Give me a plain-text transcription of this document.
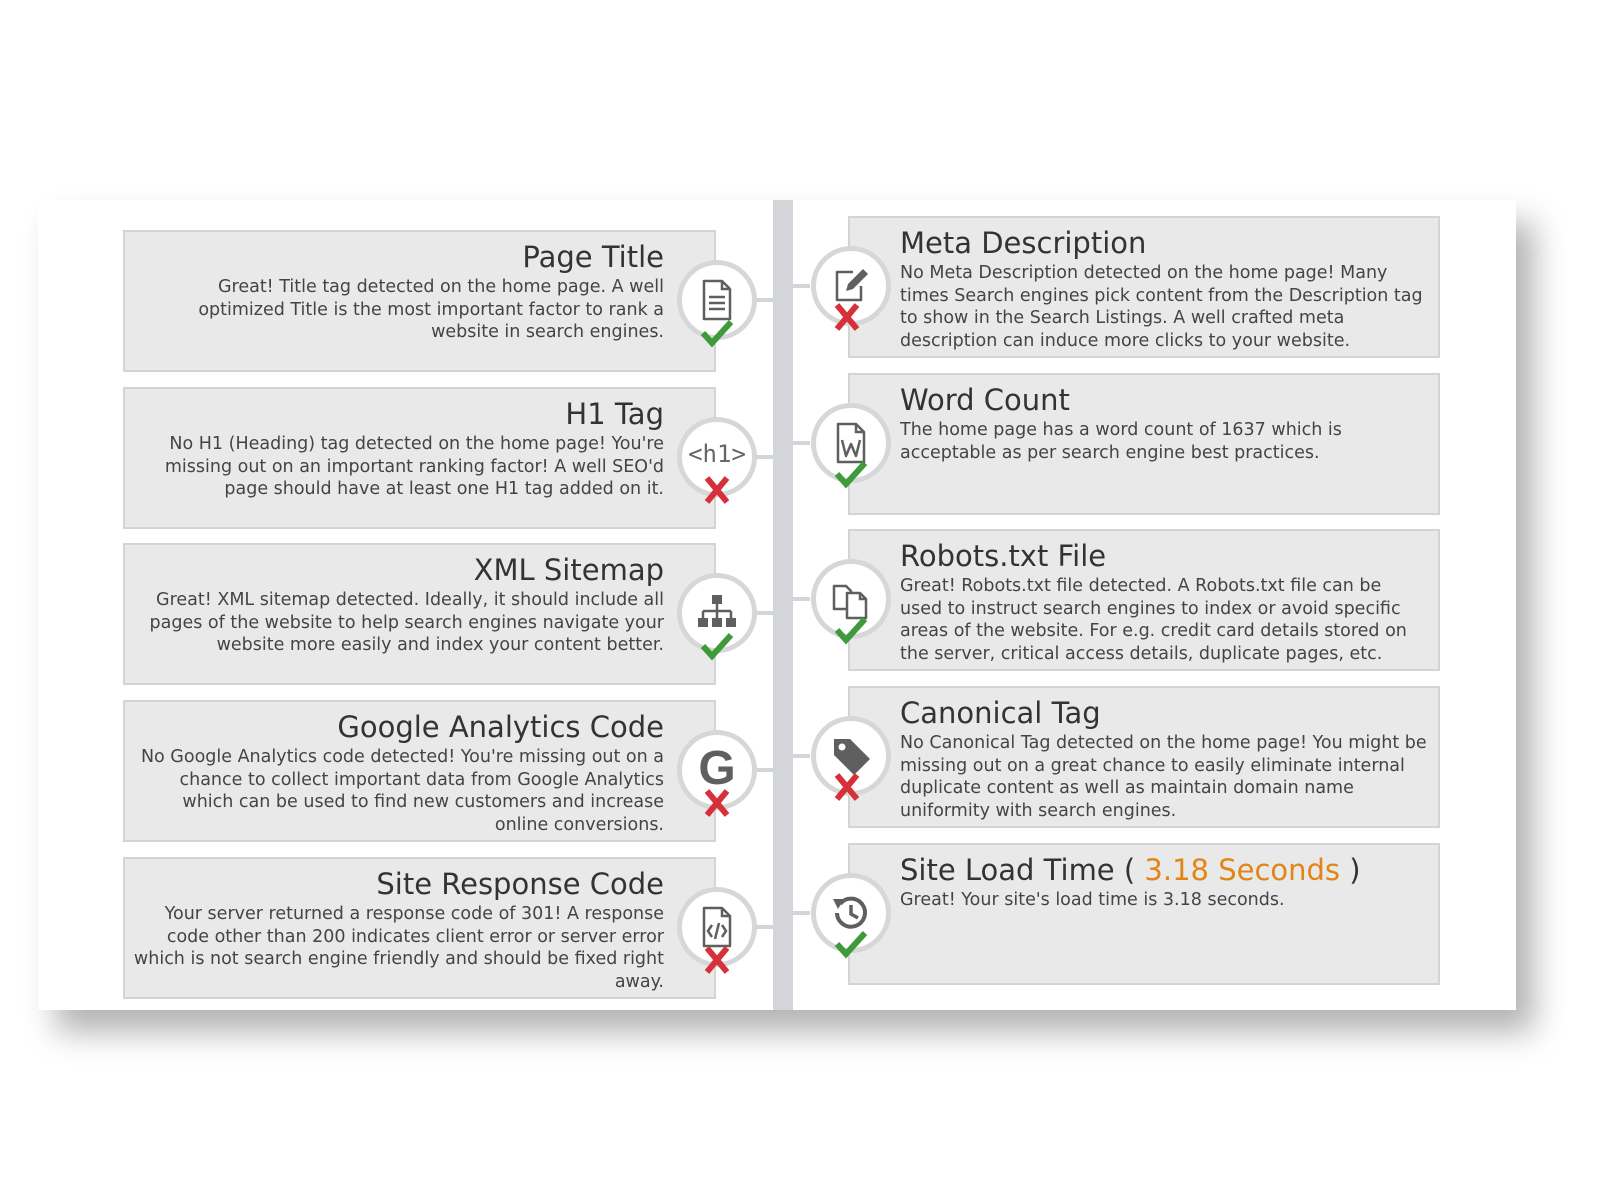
Page Title
Great! Title tag detected on the home page. A well optimized Title is the most important factor to rank a website in search engines.
H1 Tag
No H1 (Heading) tag detected on the home page! You're missing out on an important ranking factor! A well SEO'd page should have at least one H1 tag added on it.
XML Sitemap
Great! XML sitemap detected. Ideally, it should include all pages of the website to help search engines navigate your website more easily and index your content better.
Google Analytics Code
No Google Analytics code detected! You're missing out on a chance to collect important data from Google Analytics which can be used to find new customers and increase online conversions.
Site Response Code
Your server returned a response code of 301! A response code other than 200 indicates client error or server error which is not search engine friendly and should be fixed right away.
Meta Description
No Meta Description detected on the home page! Many times Search engines pick content from the Description tag to show in the Search Listings. A well crafted meta description can induce more clicks to your website.
Word Count
The home page has a word count of 1637 which is acceptable as per search engine best practices.
Robots.txt File
Great! Robots.txt file detected. A Robots.txt file can be used to instruct search engines to index or avoid specific areas of the website. For e.g. credit card details stored on the server, critical access details, duplicate pages, etc.
Canonical Tag
No Canonical Tag detected on the home page! You might be missing out on a great chance to easily eliminate internal duplicate content as well as maintain domain name uniformity with search engines.
Site Load Time ( 3.18 Seconds )
Great! Your site's load time is 3.18 seconds.
<h1>
G
